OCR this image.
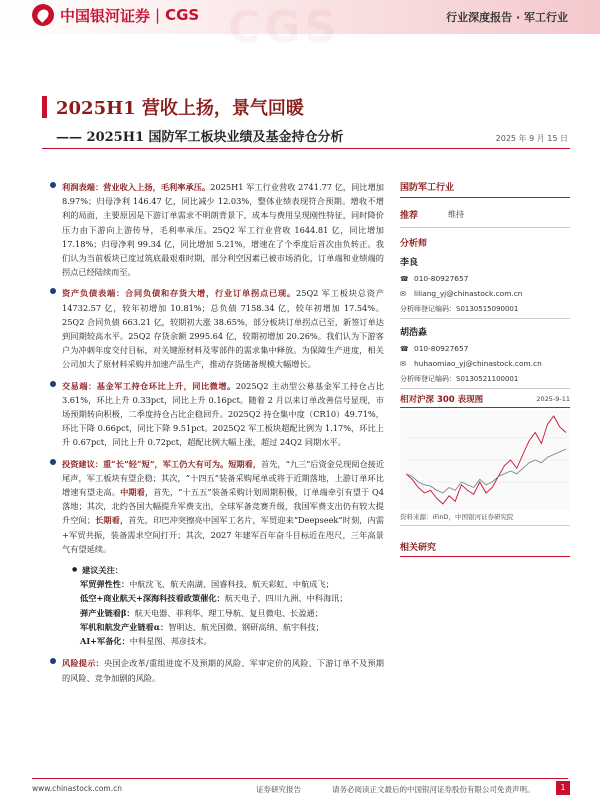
CGS
中国银河证券 | CGS	行业深度报告 · 军工行业
2025H1 营收上扬，景气回暖
—— 2025H1 国防军工板块业绩及基金持仓分析	2025 年 9 月 15 日
利润表端：营业收入上扬，毛利率承压。2025H1 军工行业营收 2741.77 亿，同比增加 8.97%；归母净利 146.47 亿，同比减少 12.03%，整体业绩表现符合预期。增收不增利的局面，主要原因是下游订单需求不明朗背景下，成本与费用呈现刚性特征，同时降价压力由下游向上游传导，毛利率承压。25Q2 军工行业营收 1644.81 亿，同比增加 17.18%；归母净利 99.34 亿，同比增加 5.21%，增速在了个季度后首次由负转正。我们认为当前板块已度过筑底最艰难时期，部分利空因素已被市场消化，订单端和业绩端的拐点已经陆续而至。
资产负债表端：合同负债和存货大增，行业订单拐点已现。25Q2 军工板块总资产 14732.57 亿，较年初增加 10.81%；总负债 7158.34 亿，较年初增加 17.54%。25Q2 合同负债 663.21 亿，较期初大涨 38.65%，部分板块订单拐点已至，新签订单达到同期较高水平。25Q2 存货余额 2995.64 亿，较期初增加 20.26%。我们认为下游客户为冲刺年度交付目标，对关键原材料及零部件的需求集中释放。为保障生产进度，相关公司加大了原材料采购并加速产品生产，推动存货储备规模大幅增长。
交易端：基金军工持仓环比上升，同比微增。2025Q2 主动型公募基金军工持仓占比 3.61%，环比上升 0.33pct，同比上升 0.16pct。随着 2 月以来订单改善信号显现，市场预期转向积极，二季度持仓占比企稳回升。2025Q2 持仓集中度（CR10）49.71%，环比下降 0.66pct，同比下降 9.51pct。2025Q2 军工板块超配比例为 1.17%，环比上升 0.67pct，同比上升 0.72pct，超配比例大幅上涨，超过 24Q2 同期水平。
投资建议：重“长”轻“短”，军工仍大有可为。短期看，首先，“九三”后资金兑现阅仓接近尾声，军工板块有望企稳；其次，“十四五”装备采购尾单或将于近期落地，上游订单环比增速有望走高。中期看，首先，“十五五”装备采购计划周期积极，订单端牵引有望于 Q4 落地；其次，北约各国大幅提升军费支出，全球军备竞赛升级，我国军费支出仍有较大提升空间；长期看，首先，印巴冲突擦亮中国军工名片，军贸迎来“Deepseek”时刻，内需+军贸共振，装备需求空间打开；其次，2027 年建军百年奋斗目标近在咫尺，三年高景气有望延续。
● 建议关注：
军贸弹性性：中航沈飞、航天南湖、国睿科技、航天彩虹、中航成飞；
低空+商业航天+深海科技看政策催化：航天电子、四川九洲、中科海讯；
弹产业链看β：航天电器、菲利华、理工导航、复旦微电、长盈通；
军机和航发产业链看α：智明达、航光国微、钢研高纳、航宇科技；
AI+军备化：中科星图、邦彦技术。
风险提示：央国企改革/重组进度不及预期的风险、军审定价的风险、下游订单不及预期的风险、竞争加剧的风险。
国防军工行业
推荐	维持
分析师
李良
☎ 010-80927657
✉	liliang_yj@chinastock.com.cn
分析师登记编码：S0130515090001
胡浩淼
☎ 010-80927657
✉	huhaomiao_yj@chinastock.com.cn
分析师登记编码：S0130521100001
相对沪深 300 表现图	2025-9-11
资料来源：iFinD，中国银河证券研究院
相关研究
www.chinastock.com.cn	证券研究报告	请务必阅读正文最后的中国银河证券股份有限公司免责声明。	1
